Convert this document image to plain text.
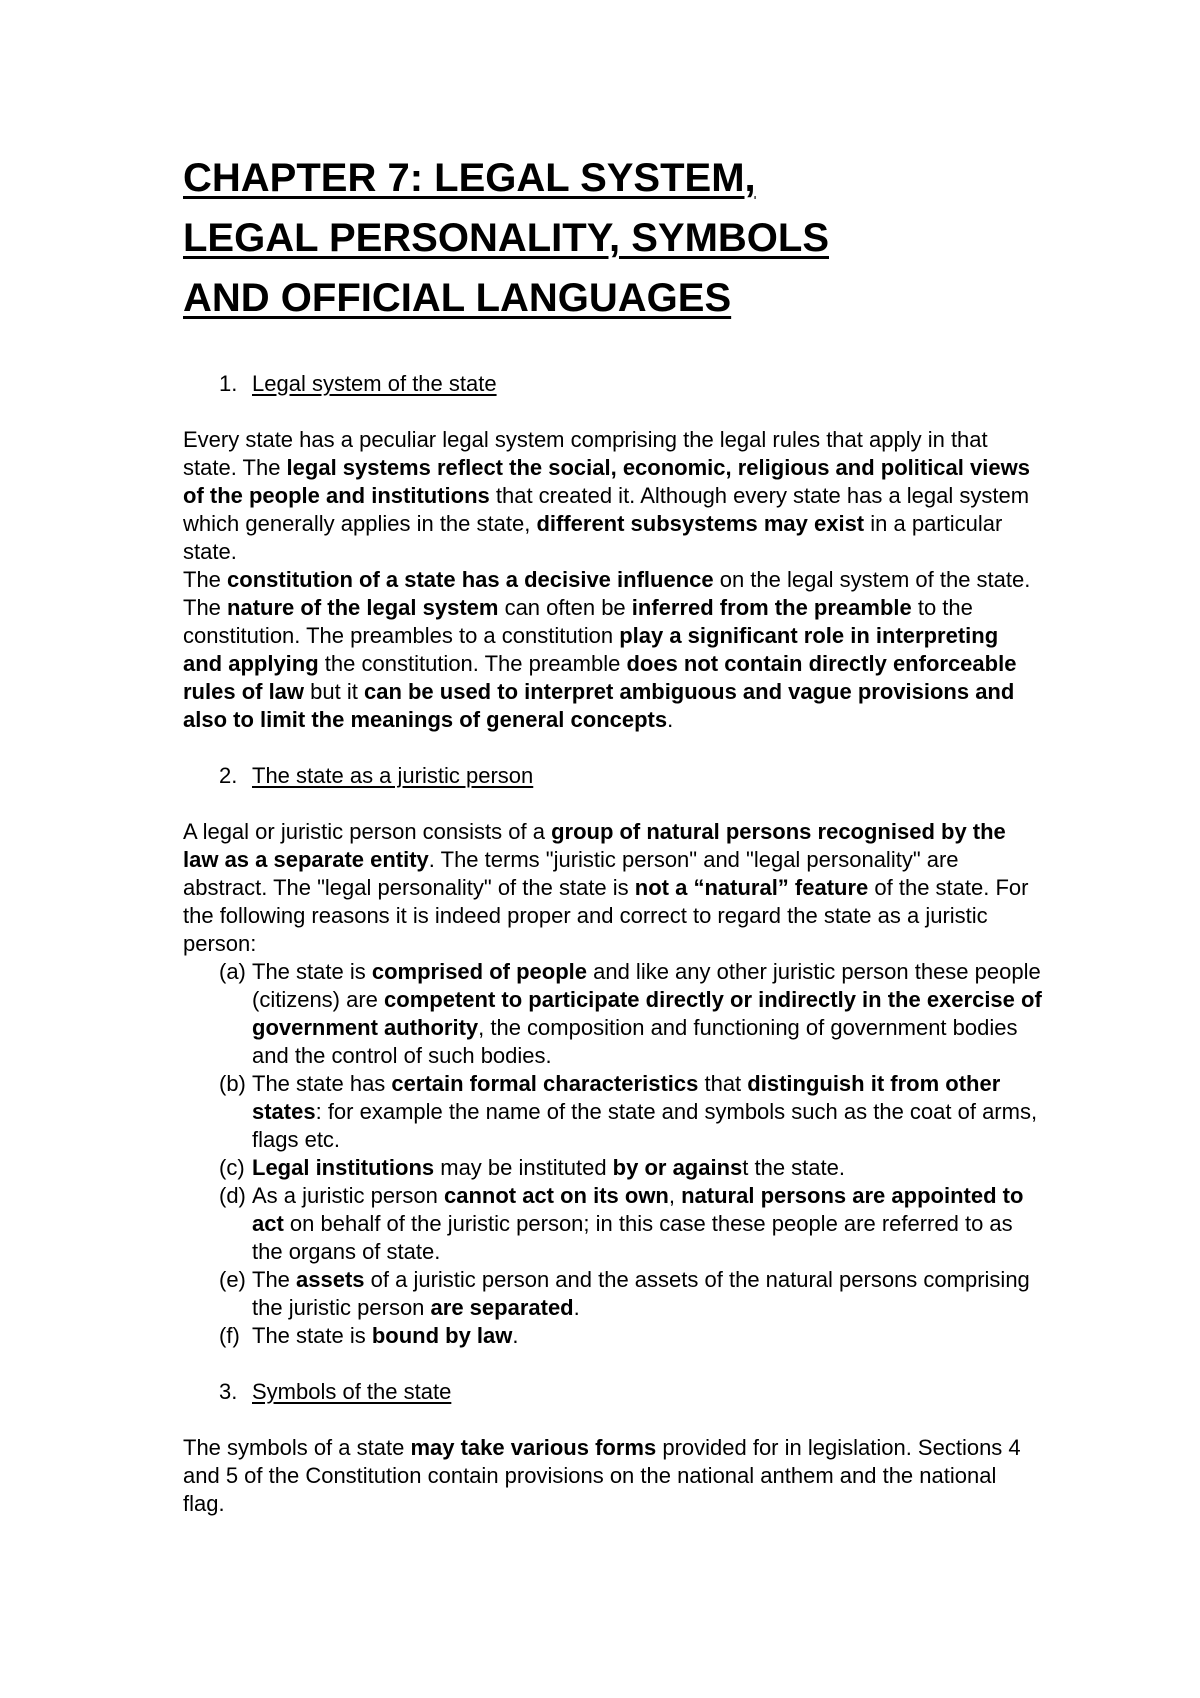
CHAPTER 7: LEGAL SYSTEM,
LEGAL PERSONALITY, SYMBOLS
AND OFFICIAL LANGUAGES
1. Legal system of the state

Every state has a peculiar legal system comprising the legal rules that apply in that state. The legal systems reflect the social, economic, religious and political views of the people and institutions that created it. Although every state has a legal system which generally applies in the state, different subsystems may exist in a particular state.

The constitution of a state has a decisive influence on the legal system of the state. The nature of the legal system can often be inferred from the preamble to the constitution. The preambles to a constitution play a significant role in interpreting and applying the constitution. The preamble does not contain directly enforceable rules of law but it can be used to interpret ambiguous and vague provisions and also to limit the meanings of general concepts.

2. The state as a juristic person

A legal or juristic person consists of a group of natural persons recognised by the law as a separate entity. The terms "juristic person" and "legal personality" are abstract. The "legal personality" of the state is not a “natural” feature of the state. For the following reasons it is indeed proper and correct to regard the state as a juristic person:

(a) The state is comprised of people and like any other juristic person these people (citizens) are competent to participate directly or indirectly in the exercise of government authority, the composition and functioning of government bodies and the control of such bodies.
(b) The state has certain formal characteristics that distinguish it from other states: for example the name of the state and symbols such as the coat of arms, flags etc.
(c) Legal institutions may be instituted by or against the state.
(d) As a juristic person cannot act on its own, natural persons are appointed to act on behalf of the juristic person; in this case these people are referred to as the organs of state.
(e) The assets of a juristic person and the assets of the natural persons comprising the juristic person are separated.
(f) The state is bound by law.
3. Symbols of the state

The symbols of a state may take various forms provided for in legislation. Sections 4 and 5 of the Constitution contain provisions on the national anthem and the national flag.
